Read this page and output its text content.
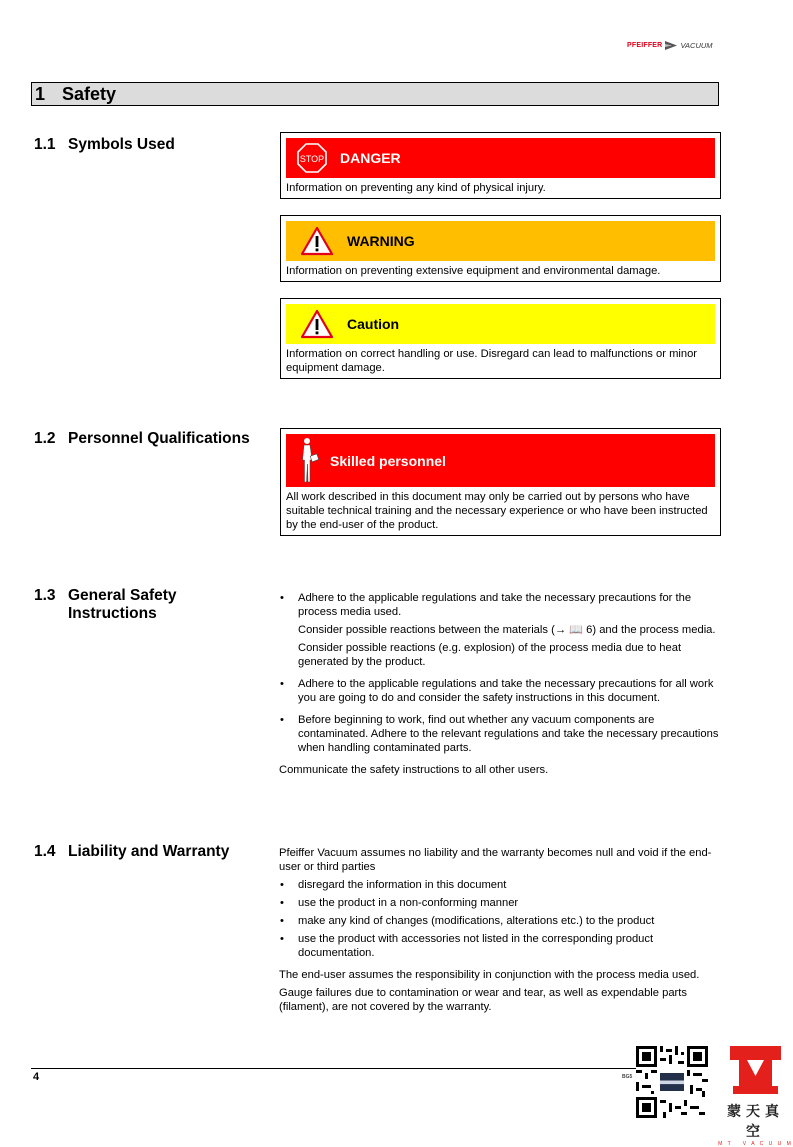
PFEIFFER VACUUM
1 Safety
1.1 Symbols Used
STOP DANGER
Information on preventing any kind of physical injury.
WARNING
Information on preventing extensive equipment and environmental damage.
Caution
Information on correct handling or use. Disregard can lead to malfunctions or minor equipment damage.
1.2 Personnel Qualifications
Skilled personnel
All work described in this document may only be carried out by persons who have suitable technical training and the necessary experience or who have been instructed by the end-user of the product.
1.3 General Safety
Instructions
• Adhere to the applicable regulations and take the necessary precautions for the process media used.
Consider possible reactions between the materials (→ 📖 6) and the process media.
Consider possible reactions (e.g. explosion) of the process media due to heat generated by the product.
• Adhere to the applicable regulations and take the necessary precautions for all work you are going to do and consider the safety instructions in this document.
• Before beginning to work, find out whether any vacuum components are contaminated. Adhere to the relevant regulations and take the necessary precautions when handling contaminated parts.
Communicate the safety instructions to all other users.
1.4 Liability and Warranty	Pfeiffer Vacuum assumes no liability and the warranty becomes null and void if the end-user or third parties
• disregard the information in this document
• use the product in a non-conforming manner
• make any kind of changes (modifications, alterations etc.) to the product
• use the product with accessories not listed in the corresponding product documentation.
The end-user assumes the responsibility in conjunction with the process media used.
Gauge failures due to contamination or wear and tear, as well as expendable parts (filament), are not covered by the warranty.
4	BG5
蒙天真空
M T   V A C U U M
